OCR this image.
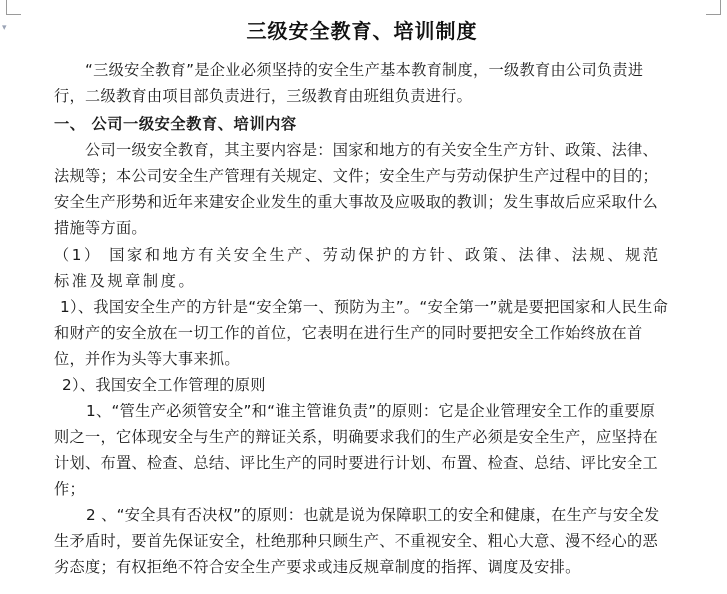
▾	三级安全教育、培训制度

“三级安全教育”是企业必须坚持的安全生产基本教育制度，一级教育由公司负责进行，二级教育由项目部负责进行，三级教育由班组负责进行。

一、 公司一级安全教育、培训内容

公司一级安全教育，其主要内容是：国家和地方的有关安全生产方针、政策、法律、法规等；本公司安全生产管理有关规定、文件；安全生产与劳动保护生产过程中的目的；安全生产形势和近年来建安企业发生的重大事故及应吸取的教训；发生事故后应采取什么措施等方面。

（1） 国家和地方有关安全生产、劳动保护的方针、政策、法律、法规、规范标准及规章制度。

1）、我国安全生产的方针是“安全第一、预防为主”。“安全第一”就是要把国家和人民生命和财产的安全放在一切工作的首位，它表明在进行生产的同时要把安全工作始终放在首位，并作为头等大事来抓。

2）、我国安全工作管理的原则

1、“管生产必须管安全”和“谁主管谁负责”的原则：它是企业管理安全工作的重要原则之一，它体现安全与生产的辩证关系，明确要求我们的生产必须是安全生产，应坚持在计划、布置、检查、总结、评比生产的同时要进行计划、布置、检查、总结、评比安全工作；

2 、“安全具有否决权”的原则：也就是说为保障职工的安全和健康，在生产与安全发生矛盾时，要首先保证安全，杜绝那种只顾生产、不重视安全、粗心大意、漫不经心的恶劣态度；有权拒绝不符合安全生产要求或违反规章制度的指挥、调度及安排。
